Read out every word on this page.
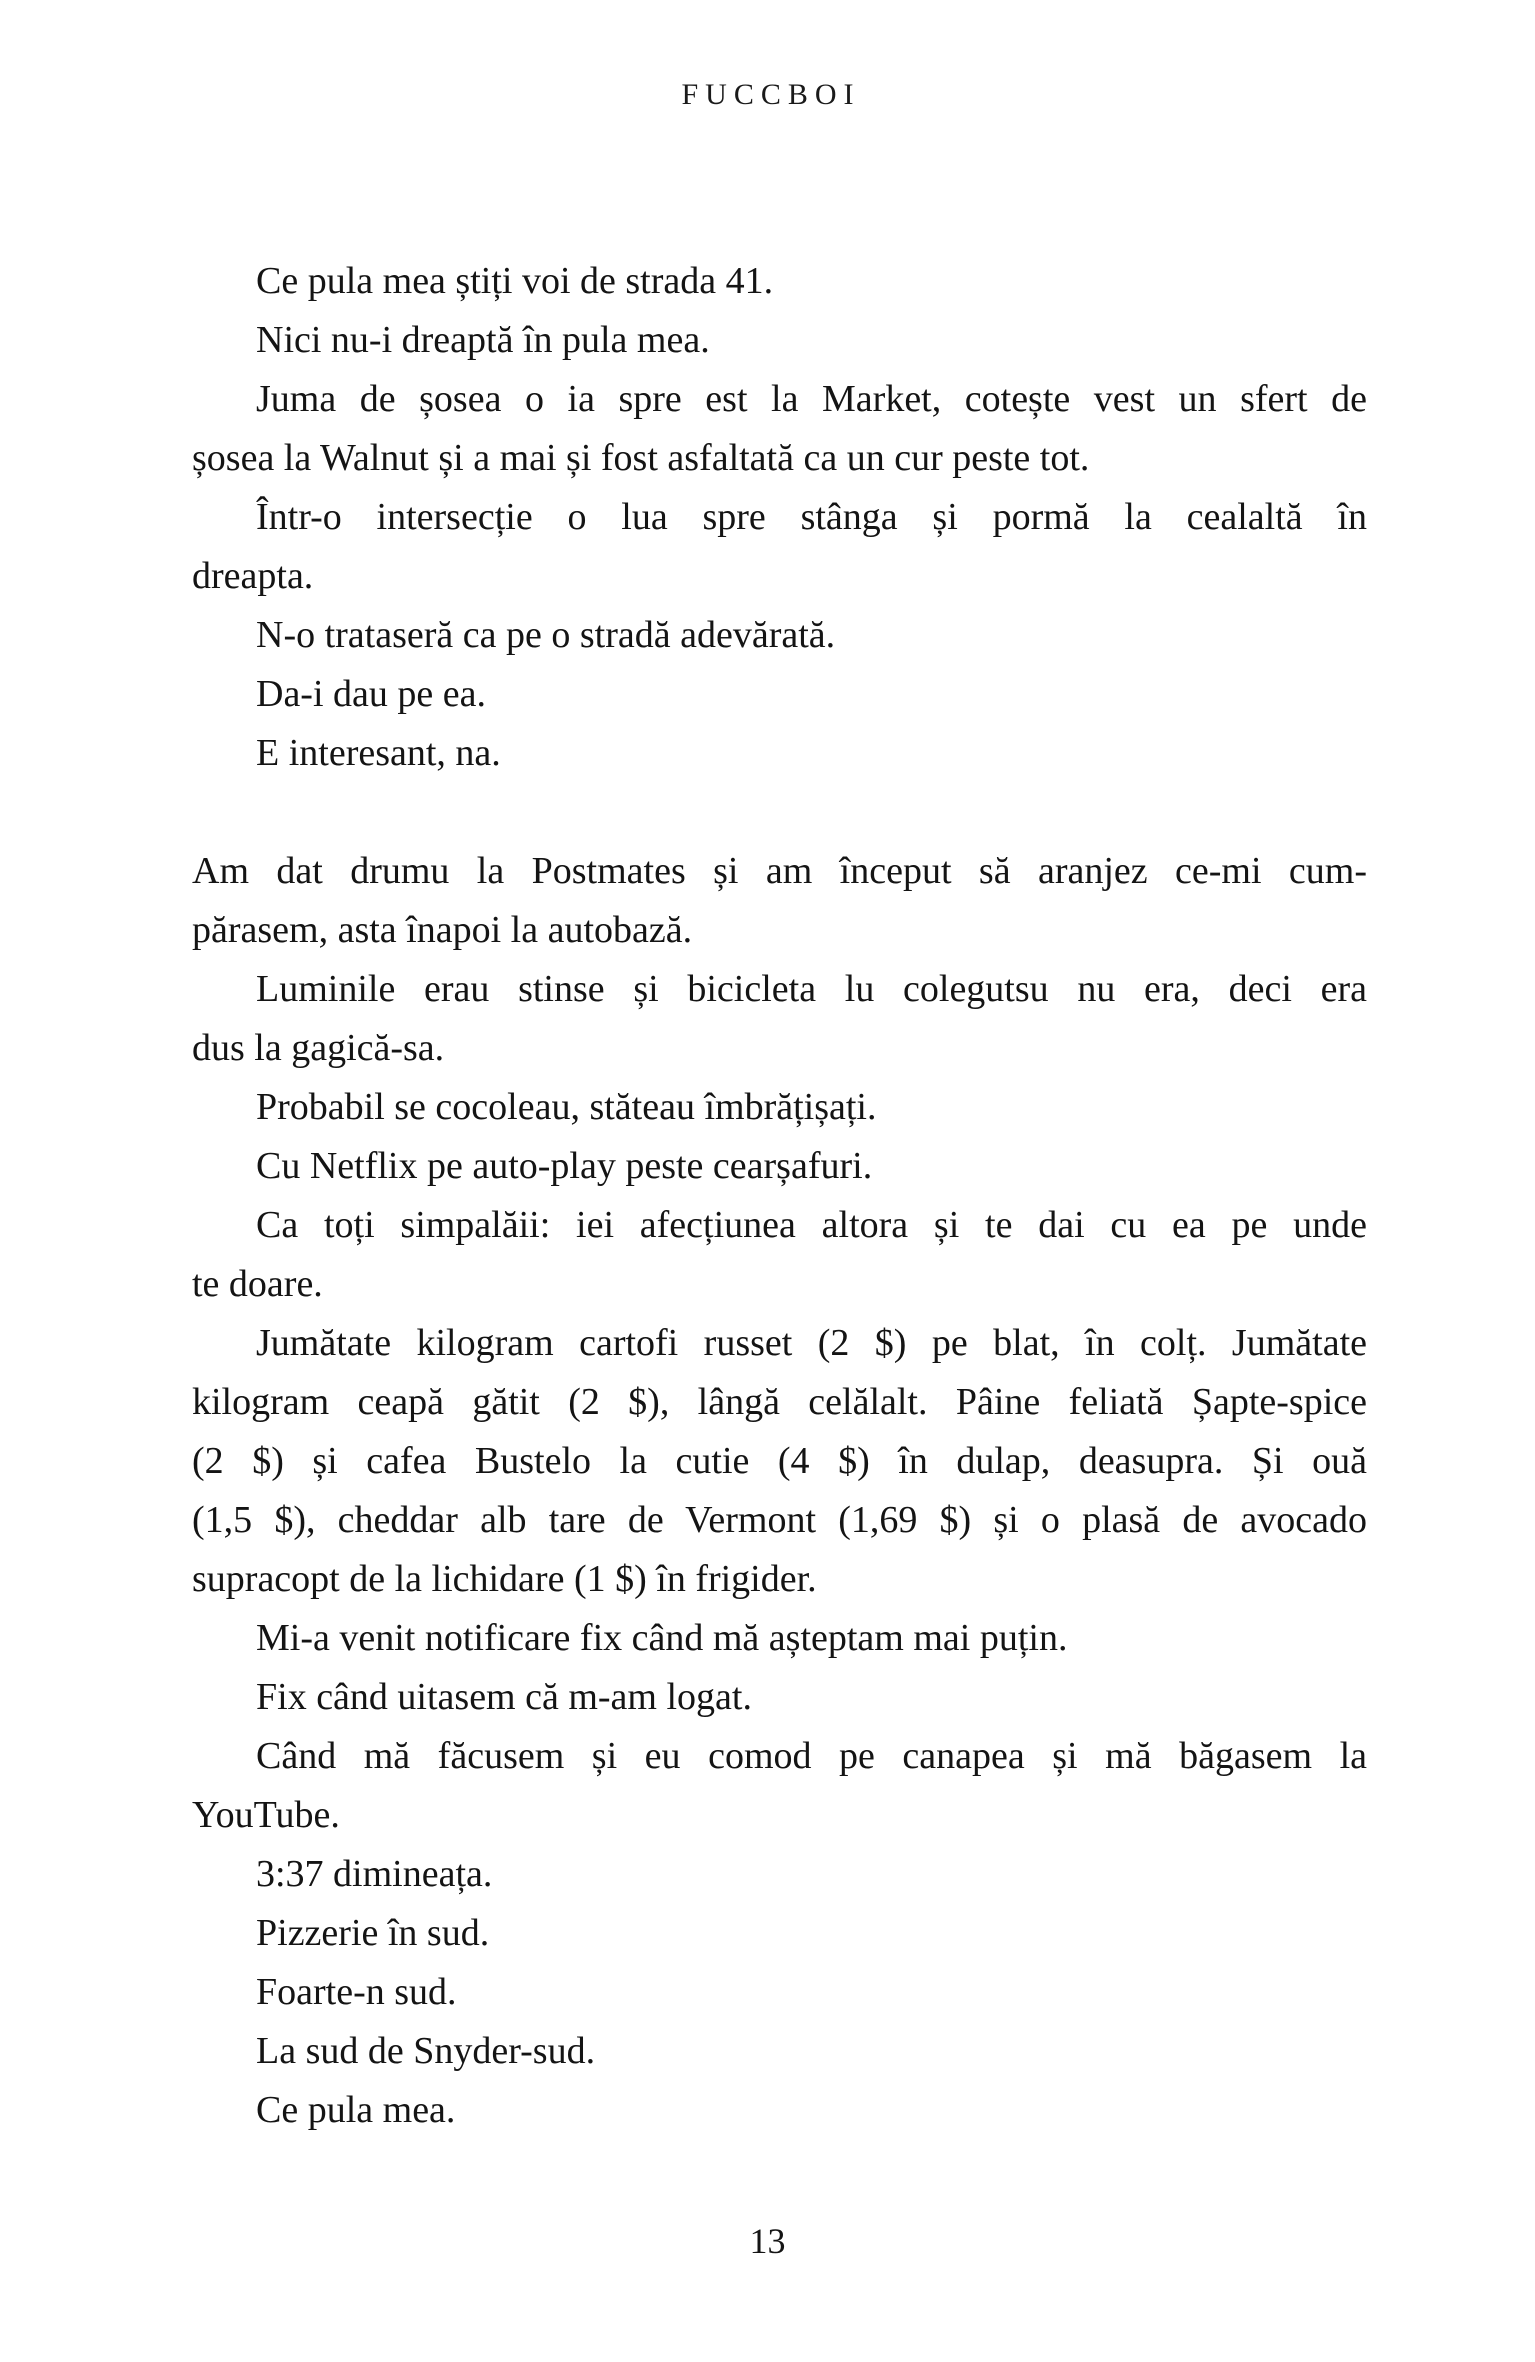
FUCCBOI
Ce pula mea știți voi de strada 41.
Nici nu-i dreaptă în pula mea.
Juma de șosea o ia spre est la Market, cotește vest un sfert de
șosea la Walnut și a mai și fost asfaltată ca un cur peste tot.
Într-o intersecție o lua spre stânga și pormă la cealaltă în
dreapta.
N-o trataseră ca pe o stradă adevărată.
Da-i dau pe ea.
E interesant, na.
Am dat drumu la Postmates și am început să aranjez ce-mi cum-
părasem, asta înapoi la autobază.
Luminile erau stinse și bicicleta lu colegutsu nu era, deci era
dus la gagică-sa.
Probabil se cocoleau, stăteau îmbrățișați.
Cu Netflix pe auto-play peste cearșafuri.
Ca toți simpalăii: iei afecțiunea altora și te dai cu ea pe unde
te doare.
Jumătate kilogram cartofi russet (2 $) pe blat, în colț. Jumătate
kilogram ceapă gătit (2 $), lângă celălalt. Pâine feliată Șapte-spice
(2 $) și cafea Bustelo la cutie (4 $) în dulap, deasupra. Și ouă
(1,5 $), cheddar alb tare de Vermont (1,69 $) și o plasă de avocado
supracopt de la lichidare (1 $) în frigider.
Mi-a venit notificare fix când mă așteptam mai puțin.
Fix când uitasem că m-am logat.
Când mă făcusem și eu comod pe canapea și mă băgasem la
YouTube.
3:37 dimineața.
Pizzerie în sud.
Foarte-n sud.
La sud de Snyder-sud.
Ce pula mea.
13
